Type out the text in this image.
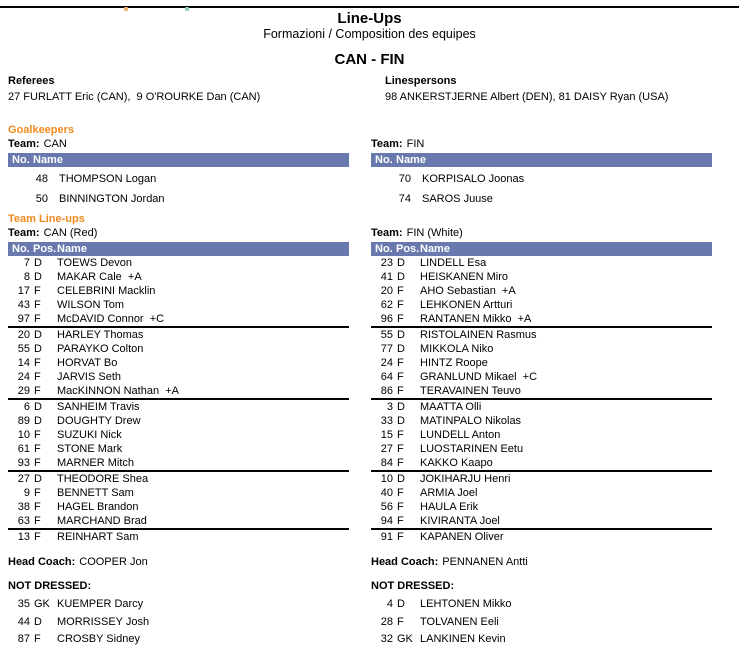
Line-Ups
Formazioni / Composition des equipes
CAN - FIN
Referees
27 FURLATT Eric (CAN),  9 O'ROURKE Dan (CAN)
Linespersons
98 ANKERSTJERNE Albert (DEN), 81 DAISY Ryan (USA)
Goalkeepers
Team: CAN
No. Name
48 THOMPSON Logan
50 BINNINGTON Jordan
Team Line-ups
Team: CAN (Red)
No. Pos.Name
7 D	TOEWS Devon
8 D	MAKAR Cale  +A
17 F	CELEBRINI Macklin
43 F	WILSON Tom
97 F	McDAVID Connor  +C
20 D	HARLEY Thomas
55 D	PARAYKO Colton
14 F	HORVAT Bo
24 F	JARVIS Seth
29 F	MacKINNON Nathan  +A
6 D	SANHEIM Travis
89 D	DOUGHTY Drew
10 F	SUZUKI Nick
61 F	STONE Mark
93 F	MARNER Mitch
27 D	THEODORE Shea
9 F	BENNETT Sam
38 F	HAGEL Brandon
63 F	MARCHAND Brad
13 F	REINHART Sam
Head Coach: COOPER Jon
NOT DRESSED:
35 GK KUEMPER Darcy
44 D	MORRISSEY Josh
87 F	CROSBY Sidney
Team: FIN
No. Name
70 KORPISALO Joonas
74 SAROS Juuse
Team: FIN (White)
No. Pos.Name
23 D	LINDELL Esa
41 D	HEISKANEN Miro
20 F	AHO Sebastian  +A
62 F	LEHKONEN Artturi
96 F	RANTANEN Mikko  +A
55 D	RISTOLAINEN Rasmus
77 D	MIKKOLA Niko
24 F	HINTZ Roope
64 F	GRANLUND Mikael  +C
86 F	TERAVAINEN Teuvo
3 D	MAATTA Olli
33 D	MATINPALO Nikolas
15 F	LUNDELL Anton
27 F	LUOSTARINEN Eetu
84 F	KAKKO Kaapo
10 D	JOKIHARJU Henri
40 F	ARMIA Joel
56 F	HAULA Erik
94 F	KIVIRANTA Joel
91 F	KAPANEN Oliver
Head Coach: PENNANEN Antti
NOT DRESSED:
4 D	LEHTONEN Mikko
28 F	TOLVANEN Eeli
32 GK LANKINEN Kevin
